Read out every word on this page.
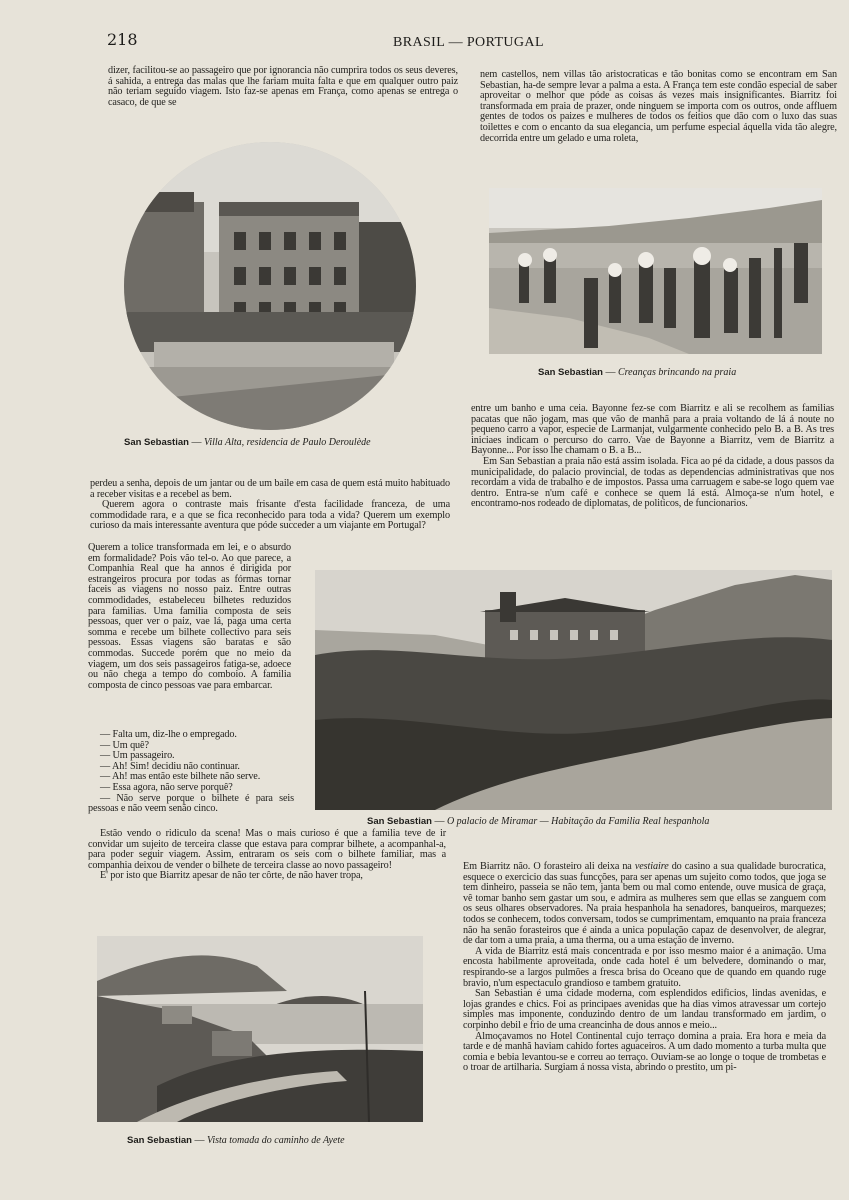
218	BRASIL — PORTUGAL

dizer, facilitou-se ao passageiro que por ignorancia não cumprira todos os seus deveres, á sahida, a entrega das malas que lhe fariam muita falta e que em qualquer outro paiz não teriam seguido viagem. Isto faz-se apenas em França, como apenas se entrega o casaco, de que se

nem castellos, nem villas tão aristocraticas e tão bonitas como se encontram em San Sebastian, ha-de sempre levar a palma a esta. A França tem este condão especial de saber aproveitar o melhor que póde as coisas ás vezes mais insignificantes. Biarritz foi transformada em praia de prazer, onde ninguem se importa com os outros, onde affluem gentes de todos os paizes e mulheres de todos os feitios que dão com o luxo das suas toilettes e com o encanto da sua elegancia, um perfume especial áquella vida tão alegre, decorrida entre um gelado e uma roleta,

San Sebastian — Villa Alta, residencia de Paulo Deroulède
San Sebastian — Creanças brincando na praia

entre um banho e uma ceia. Bayonne fez-se com Biarritz e ali se recolhem as familias pacatas que não jogam, mas que vão de manhã para a praia voltando de lá á noute no pequeno carro a vapor, especie de Larmanjat, vulgarmente conhecido pelo B. a B. As tres iniciaes indicam o percurso do carro. Vae de Bayonne a Biarritz, vem de Biarritz a Bayonne... Por isso lhe chamam o B. a B...

Em San Sebastian a praia não está assim isolada. Fica ao pé da cidade, a dous passos da municipalidade, do palacio provincial, de todas as dependencias administrativas que nos recordam a vida de trabalho e de impostos. Passa uma carruagem e sabe-se logo quem vae dentro. Entra-se n'um café e conhece se quem lá está. Almoça-se n'um hotel, e encontramo-nos rodeado de diplomatas, de politicos, de funcionarios.

perdeu a senha, depois de um jantar ou de um baile em casa de quem está muito habituado a receber visitas e a recebel as bem.

Querem agora o contraste mais frisante d'esta facilidade franceza, de uma commodidade rara, e a que se fica reconhecido para toda a vida? Querem um exemplo curioso da mais interessante aventura que póde succeder a um viajante em Portugal?

Querem a tolice transformada em lei, e o absurdo em formalidade? Pois vão tel-o. Ao que parece, a Companhia Real que ha annos é dirigida por estrangeiros procura por todas as fórmas tornar faceis as viagens no nosso paiz. Entre outras commodidades, estabeleceu bilhetes reduzidos para familias. Uma familia composta de seis pessoas, quer ver o paiz, vae lá, paga uma certa somma e recebe um bilhete collectivo para seis pessoas. Essas viagens são baratas e são commodas. Succede porém que no meio da viagem, um dos seis passageiros fatiga-se, adoece ou não chega a tempo do comboio. A familia composta de cinco pessoas vae para embarcar.

— Falta um, diz-lhe o empregado.

— Um quê?

— Um passageiro.

— Ah! Sim! decidiu não continuar.

— Ah! mas então este bilhete não serve.

— Essa agora, não serve porquê?

— Não serve porque o bilhete é para seis pessoas e não veem senão cinco.

San Sebastian — O palacio de Miramar — Habitação da Familia Real hespanhola

Estão vendo o ridiculo da scena! Mas o mais curioso é que a familia teve de ir convidar um sujeito de terceira classe que estava para comprar bilhete, a acompanhal-a, para poder seguir viagem. Assim, entraram os seis com o bilhete familiar, mas a companhia deixou de vender o bilhete de terceira classe ao novo passageiro!

E' por isto que Biarritz apesar de não ter côrte, de não haver tropa,

San Sebastian — Vista tomada do caminho de Ayete

Em Biarritz não. O forasteiro ali deixa na vestiaire do casino a sua qualidade burocratica, esquece o exercicio das suas funcções, para ser apenas um sujeito como todos, que joga se tem dinheiro, passeia se não tem, janta bem ou mal como entende, ouve musica de graça, vê tomar banho sem gastar um sou, e admira as mulheres sem que ellas se zanguem com os seus olhares observadores. Na praia hespanhola ha senadores, banqueiros, marquezes; todos se conhecem, todos conversam, todos se cumprimentam, emquanto na praia franceza não ha senão forasteiros que é ainda a unica população capaz de desenvolver, de alegrar, de dar tom a uma praia, a uma therma, ou a uma estação de inverno.

A vida de Biarritz está mais concentrada e por isso mesmo maior é a animação. Uma encosta habilmente aproveitada, onde cada hotel é um belvedere, dominando o mar, respirando-se a largos pulmões a fresca brisa do Oceano que de quando em quando ruge bravio, n'um espectaculo grandioso e tambem gratuito.

San Sebastian é uma cidade moderna, com esplendidos edificios, lindas avenidas, e lojas grandes e chics. Foi as principaes avenidas que ha dias vimos atravessar um cortejo simples mas imponente, conduzindo dentro de um landau transformado em jardim, o corpinho debil e frio de uma creancinha de dous annos e meio...

Almoçavamos no Hotel Continental cujo terraço domina a praia. Era hora e meia da tarde e de manhã haviam cahido fortes aguaceiros. A um dado momento a turba multa que comia e bebia levantou-se e correu ao terraço. Ouviam-se ao longe o toque de trombetas e o troar de artilharia. Surgiam á nossa vista, abrindo o prestito, um pi-
